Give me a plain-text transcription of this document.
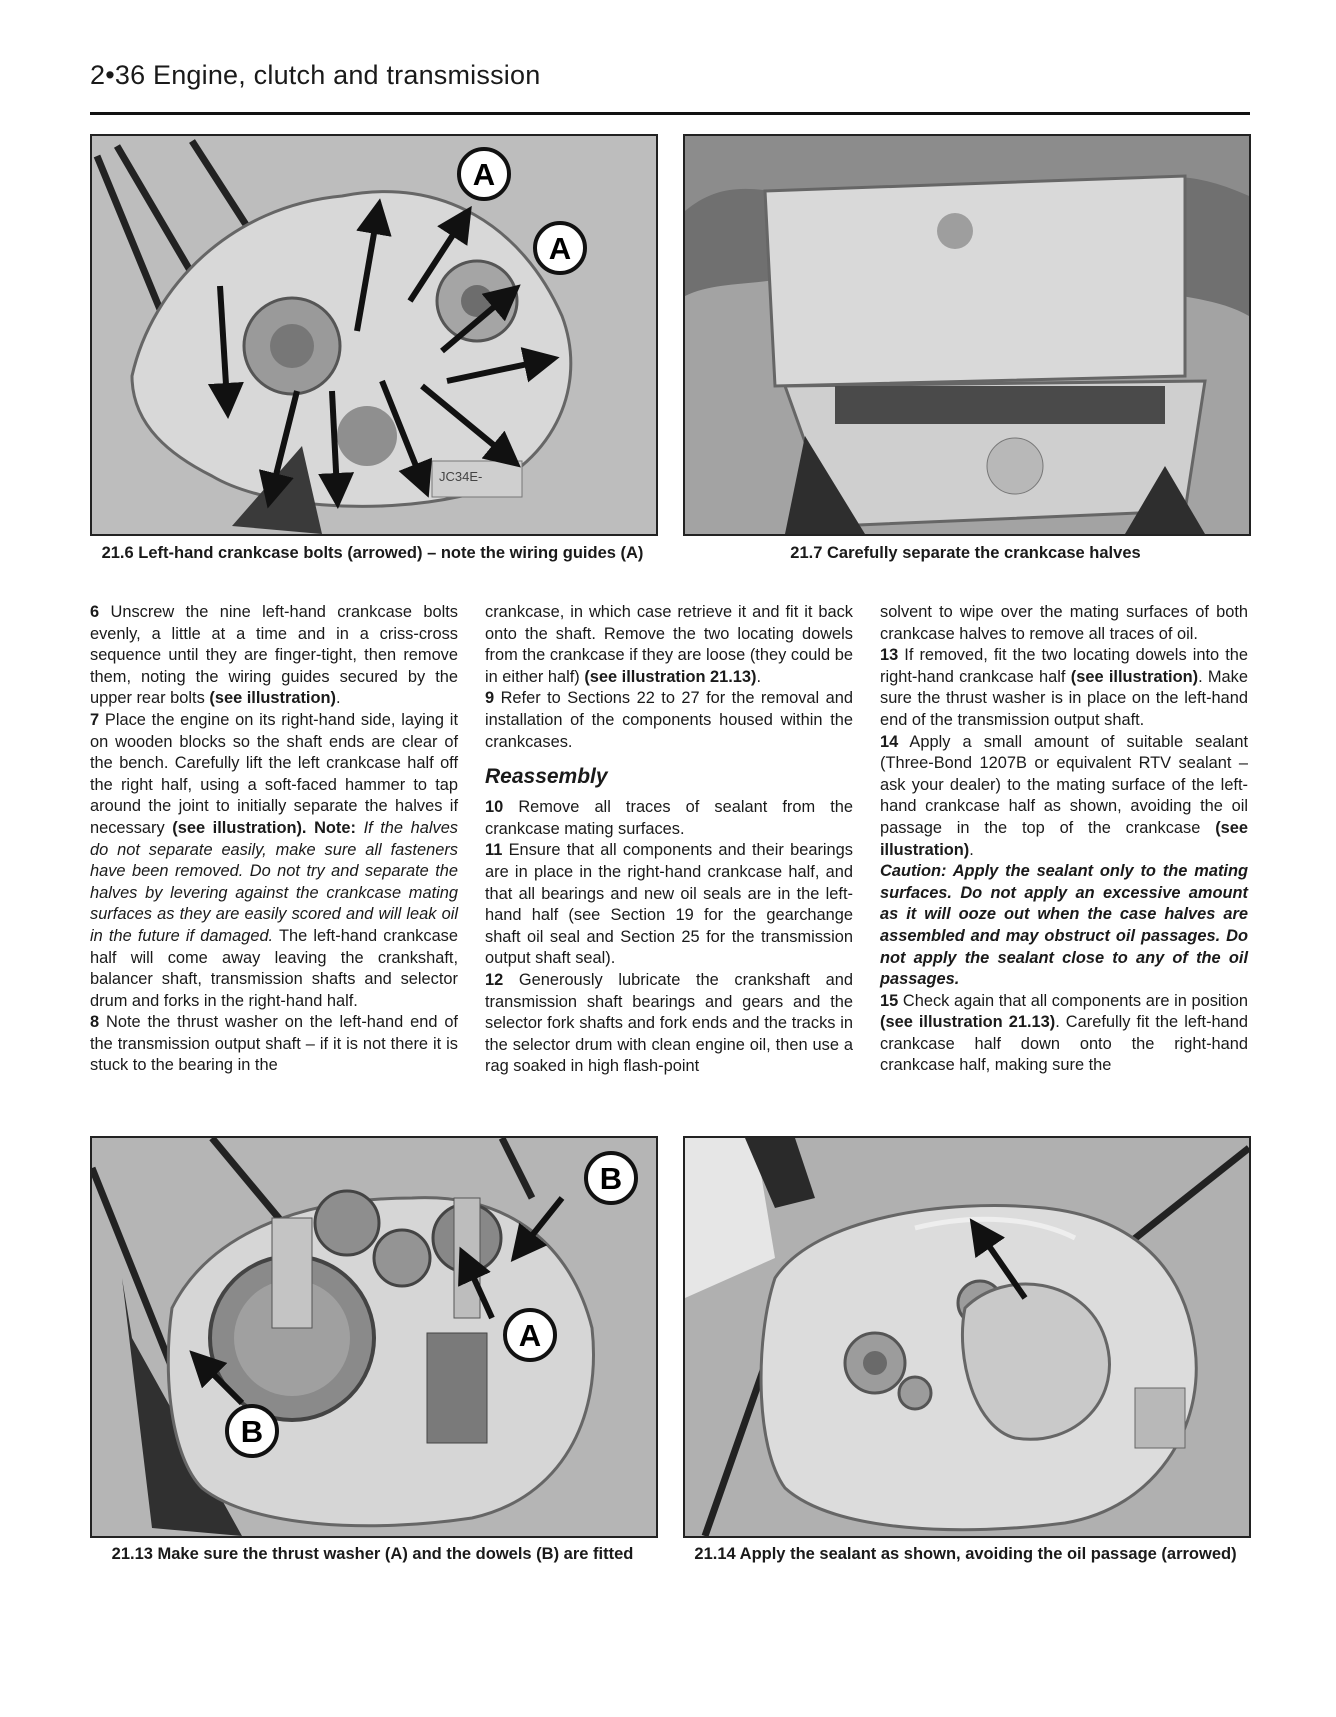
2•36 Engine, clutch and transmission
JC34E-
A
A
21.6 Left-hand crankcase bolts (arrowed) – note the wiring guides (A)	21.7 Carefully separate the crankcase halves

6 Unscrew the nine left-hand crankcase bolts evenly, a little at a time and in a criss-cross sequence until they are finger-tight, then remove them, noting the wiring guides secured by the upper rear bolts (see illustration).

7 Place the engine on its right-hand side, laying it on wooden blocks so the shaft ends are clear of the bench. Carefully lift the left crankcase half off the right half, using a soft-faced hammer to tap around the joint to initially separate the halves if necessary (see illustration). Note: If the halves do not separate easily, make sure all fasteners have been removed. Do not try and separate the halves by levering against the crankcase mating surfaces as they are easily scored and will leak oil in the future if damaged. The left-hand crankcase half will come away leaving the crankshaft, balancer shaft, transmission shafts and selector drum and forks in the right-hand half.

8 Note the thrust washer on the left-hand end of the transmission output shaft – if it is not there it is stuck to the bearing in the

crankcase, in which case retrieve it and fit it back onto the shaft. Remove the two locating dowels from the crankcase if they are loose (they could be in either half) (see illustration 21.13).

9 Refer to Sections 22 to 27 for the removal and installation of the components housed within the crankcases.

Reassembly

10 Remove all traces of sealant from the crankcase mating surfaces.

11 Ensure that all components and their bearings are in place in the right-hand crankcase half, and that all bearings and new oil seals are in the left-hand half (see Section 19 for the gearchange shaft oil seal and Section 25 for the transmission output shaft seal).

12 Generously lubricate the crankshaft and transmission shaft bearings and gears and the selector fork shafts and fork ends and the tracks in the selector drum with clean engine oil, then use a rag soaked in high flash-point

solvent to wipe over the mating surfaces of both crankcase halves to remove all traces of oil.

13 If removed, fit the two locating dowels into the right-hand crankcase half (see illustration). Make sure the thrust washer is in place on the left-hand end of the transmission output shaft.

14 Apply a small amount of suitable sealant (Three-Bond 1207B or equivalent RTV sealant – ask your dealer) to the mating surface of the left-hand crankcase half as shown, avoiding the oil passage in the top of the crankcase (see illustration).

Caution: Apply the sealant only to the mating surfaces. Do not apply an excessive amount as it will ooze out when the case halves are assembled and may obstruct oil passages. Do not apply the sealant close to any of the oil passages.

15 Check again that all components are in position (see illustration 21.13). Carefully fit the left-hand crankcase half down onto the right-hand crankcase half, making sure the

B
A
B
21.13 Make sure the thrust washer (A) and the dowels (B) are fitted	21.14 Apply the sealant as shown, avoiding the oil passage (arrowed)
